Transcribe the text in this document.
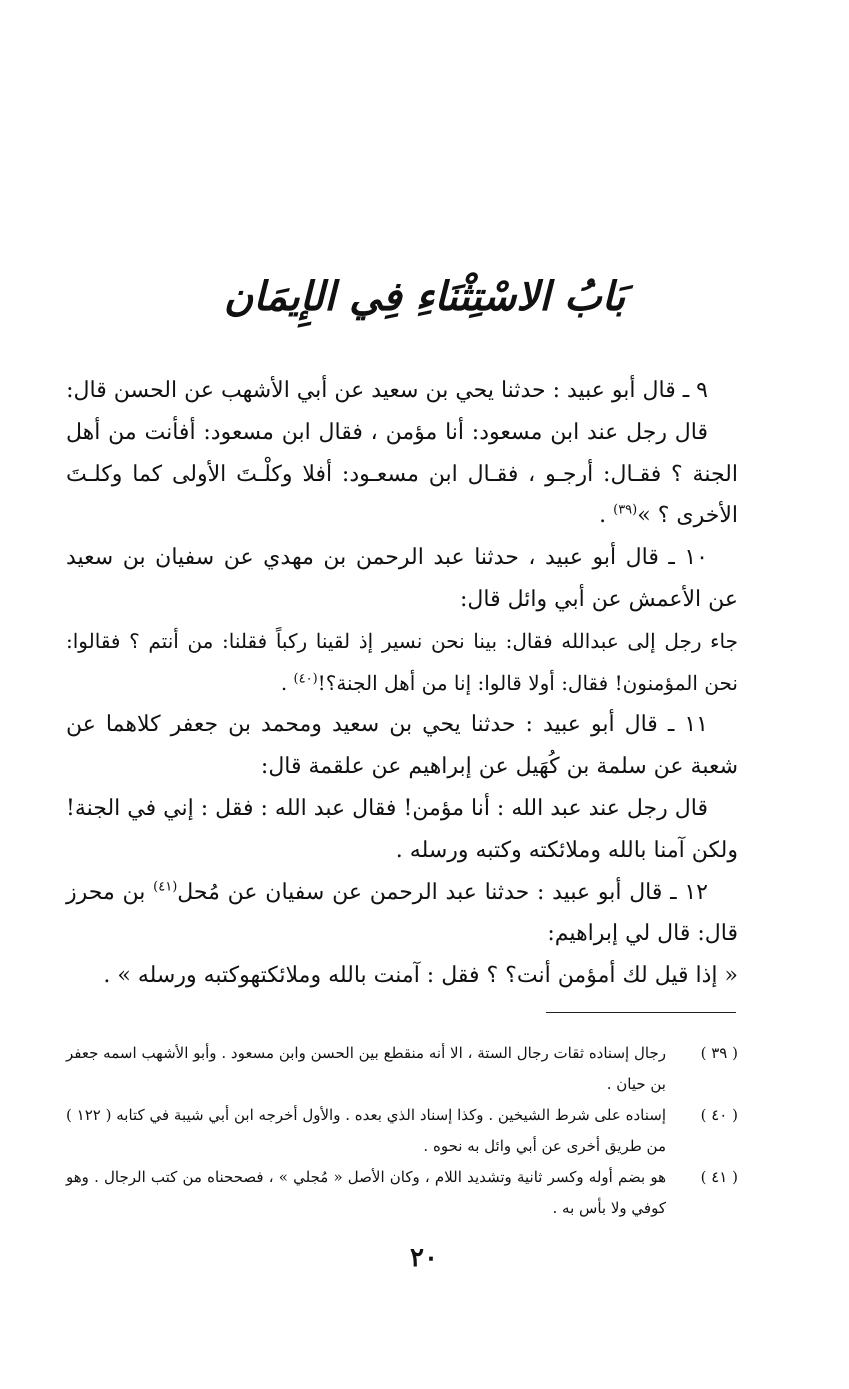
بَابُ الاسْتِثْنَاءِ فِي الإِيمَان

٩ ـ قال أبو عبيد : حدثنا يحي بن سعيد عن أبي الأشهب عن الحسن قال:

قال رجل عند ابن مسعود: أنا مؤمن ، فقال ابن مسعود: أفأنت من أهل الجنة ؟ فقـال: أرجـو ، فقـال ابن مسعـود: أفلا وكلْـتَ الأولى كما وكلـتَ الأخرى ؟ »$^{(٣٩)}$ .

١٠ ـ قال أبو عبيد ، حدثنا عبد الرحمن بن مهدي عن سفيان بن سعيد عن الأعمش عن أبي وائل قال:

جاء رجل إلى عبدالله فقال: بينا نحن نسير إذ لقينا ركباً فقلنا: من أنتم ؟ فقالوا: نحن المؤمنون! فقال: أولا قالوا: إنا من أهل الجنة؟!$^{(٤٠)}$ .

١١ ـ قال أبو عبيد : حدثنا يحي بن سعيد ومحمد بن جعفر كلاهما عن شعبة عن سلمة بن كُهَيل عن إبراهيم عن علقمة قال:

قال رجل عند عبد الله : أنا مؤمن! فقال عبد الله : فقل : إني في الجنة! ولكن آمنا بالله وملائكته وكتبه ورسله .

١٢ ـ قال أبو عبيد : حدثنا عبد الرحمن عن سفيان عن مُحل$^{(٤١)}$ بن محرز قال: قال لي إبراهيم:

« إذا قيل لك أمؤمن أنت؟ ؟ فقل : آمنت بالله وملائكتهوكتبه ورسله » .

( ٣٩ )
رجال إسناده ثقات رجال الستة ، الا أنه منقطع بين الحسن وابن مسعود . وأبو الأشهب اسمه جعفر بن حيان .
( ٤٠ )
إسناده على شرط الشيخين . وكذا إسناد الذي بعده . والأول أخرجه ابن أبي شيبة في كتابه ( ١٢٢ ) من طريق أخرى عن أبي وائل به نحوه .
( ٤١ )
هو بضم أوله وكسر ثانية وتشديد اللام ، وكان الأصل « مُجلي » ، فصححناه من كتب الرجال . وهو كوفي ولا بأس به .
٢٠
